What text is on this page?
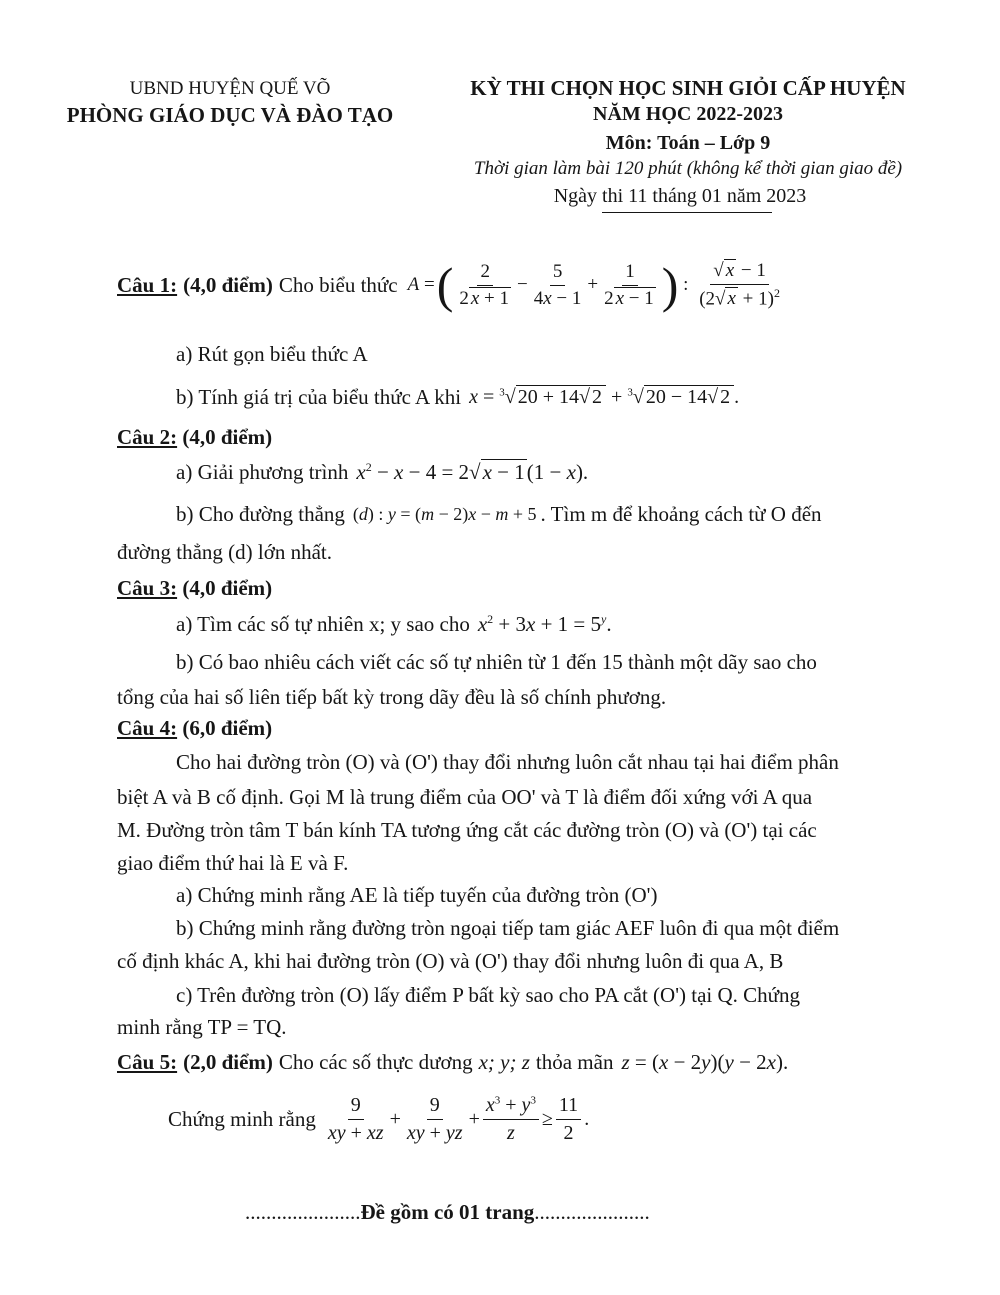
UBND HUYỆN QUẾ VÕ
PHÒNG GIÁO DỤC VÀ ĐÀO TẠO
KỲ THI CHỌN HỌC SINH GIỎI CẤP HUYỆN
NĂM HỌC 2022-2023
Môn: Toán – Lớp 9
Thời gian làm bài 120 phút (không kể thời gian giao đề)
Ngày thi 11 tháng 01 năm 2023
Câu 1: (4,0 điểm) Cho biểu thức A = ( $\frac{2}{2 x + 1} - \frac{5}{4x - 1} + \frac{1}{2 x - 1}$ ) : $\frac{√ x - 1}{(2√ x + 1)^2}$
a) Rút gọn biểu thức A
b) Tính giá trị của biểu thức A khi x = $^3$√ 20 + 14√ 2 + $^3$√ 20 − 14√ 2 .
Câu 2: (4,0 điểm)
a) Giải phương trình $x^2 - x - 4 = 2√x - 1(1 - x)$.
b) Cho đường thẳng (d) : y = (m − 2)x − m + 5 . Tìm m để khoảng cách từ O đến
đường thẳng (d) lớn nhất.
Câu 3: (4,0 điểm)
a) Tìm các số tự nhiên x; y sao cho $x^2 + 3x + 1 = 5^y$.
b) Có bao nhiêu cách viết các số tự nhiên từ 1 đến 15 thành một dãy sao cho
tổng của hai số liên tiếp bất kỳ trong dãy đều là số chính phương.
Câu 4: (6,0 điểm)
Cho hai đường tròn (O) và (O') thay đổi nhưng luôn cắt nhau tại hai điểm phân
biệt A và B cố định. Gọi M là trung điểm của OO' và T là điểm đối xứng với A qua
M. Đường tròn tâm T bán kính TA tương ứng cắt các đường tròn (O) và (O') tại các
giao điểm thứ hai là E và F.
a) Chứng minh rằng AE là tiếp tuyến của đường tròn (O')
b) Chứng minh rằng đường tròn ngoại tiếp tam giác AEF luôn đi qua một điểm
cố định khác A, khi hai đường tròn (O) và (O') thay đổi nhưng luôn đi qua A, B
c) Trên đường tròn (O) lấy điểm P bất kỳ sao cho PA cắt (O') tại Q. Chứng
minh rằng TP = TQ.
Câu 5: (2,0 điểm) Cho các số thực dương x; y; z thỏa mãn z = (x − 2y)(y − 2x).
Chứng minh rằng $\frac{9}{xy + xz} + \frac{9}{xy + yz} + \frac{x^3 + y^3}{z} \ge \frac{11}{2}$ .
......................Đề gồm có 01 trang......................
